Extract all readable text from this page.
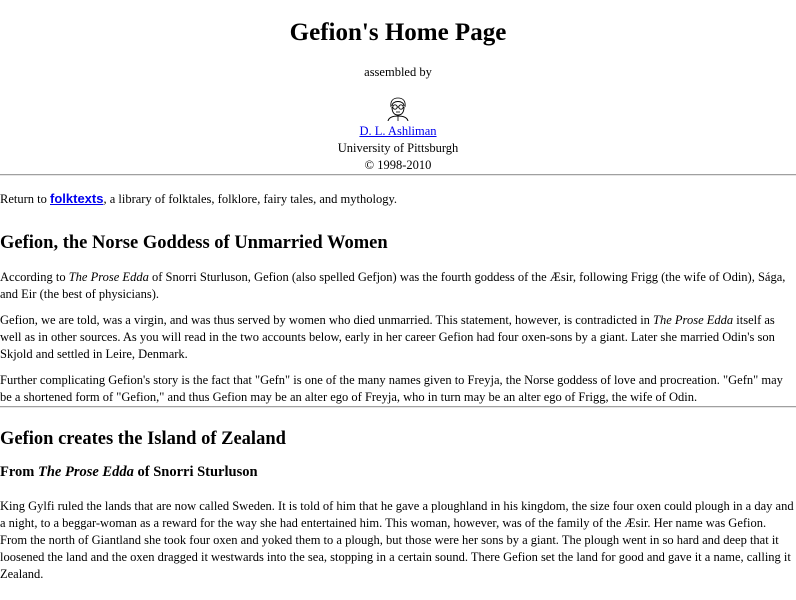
Gefion's Home Page
assembled by
D. L. Ashliman
University of Pittsburgh
© 1998-2010

Return to folktexts, a library of folktales, folklore, fairy tales, and mythology.

Gefion, the Norse Goddess of Unmarried Women

According to The Prose Edda of Snorri Sturluson, Gefion (also spelled Gefjon) was the fourth goddess of the Æsir, following Frigg (the wife of Odin), Sága, and Eir (the best of physicians).

Gefion, we are told, was a virgin, and was thus served by women who died unmarried. This statement, however, is contradicted in The Prose Edda itself as well as in other sources. As you will read in the two accounts below, early in her career Gefion had four oxen-sons by a giant. Later she married Odin's son Skjold and settled in Leire, Denmark.

Further complicating Gefion's story is the fact that "Gefn" is one of the many names given to Freyja, the Norse goddess of love and procreation. "Gefn" may be a shortened form of "Gefion," and thus Gefion may be an alter ego of Freyja, who in turn may be an alter ego of Frigg, the wife of Odin.

Gefion creates the Island of Zealand
From The Prose Edda of Snorri Sturluson

King Gylfi ruled the lands that are now called Sweden. It is told of him that he gave a ploughland in his kingdom, the size four oxen could plough in a day and a night, to a beggar-woman as a reward for the way she had entertained him. This woman, however, was of the family of the Æsir. Her name was Gefion. From the north of Giantland she took four oxen and yoked them to a plough, but those were her sons by a giant. The plough went in so hard and deep that it loosened the land and the oxen dragged it westwards into the sea, stopping in a certain sound. There Gefion set the land for good and gave it a name, calling it Zealand.
